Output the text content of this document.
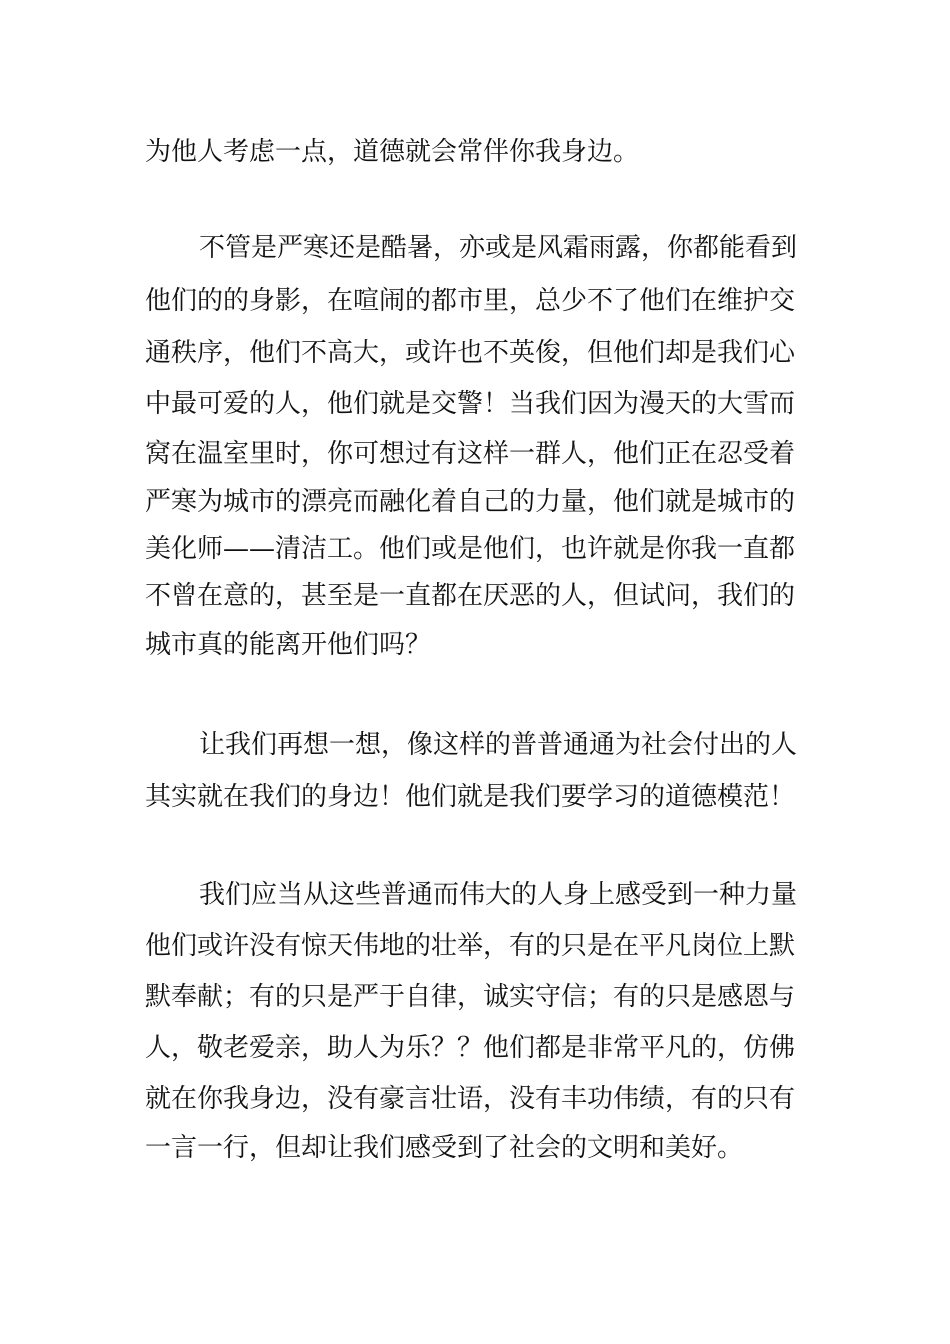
为他人考虑一点，道德就会常伴你我身边。
不管是严寒还是酷暑，亦或是风霜雨露，你都能看到
他们的的身影，在喧闹的都市里，总少不了他们在维护交
通秩序，他们不高大，或许也不英俊，但他们却是我们心
中最可爱的人，他们就是交警！当我们因为漫天的大雪而
窝在温室里时，你可想过有这样一群人，他们正在忍受着
严寒为城市的漂亮而融化着自己的力量，他们就是城市的
美化师——清洁工。他们或是他们，也许就是你我一直都
不曾在意的，甚至是一直都在厌恶的人，但试问，我们的
城市真的能离开他们吗？
让我们再想一想，像这样的普普通通为社会付出的人
其实就在我们的身边！他们就是我们要学习的道德模范！
我们应当从这些普通而伟大的人身上感受到一种力量
他们或许没有惊天伟地的壮举，有的只是在平凡岗位上默
默奉献；有的只是严于自律，诚实守信；有的只是感恩与
人，敬老爱亲，助人为乐？？他们都是非常平凡的，仿佛
就在你我身边，没有豪言壮语，没有丰功伟绩，有的只有
一言一行，但却让我们感受到了社会的文明和美好。
